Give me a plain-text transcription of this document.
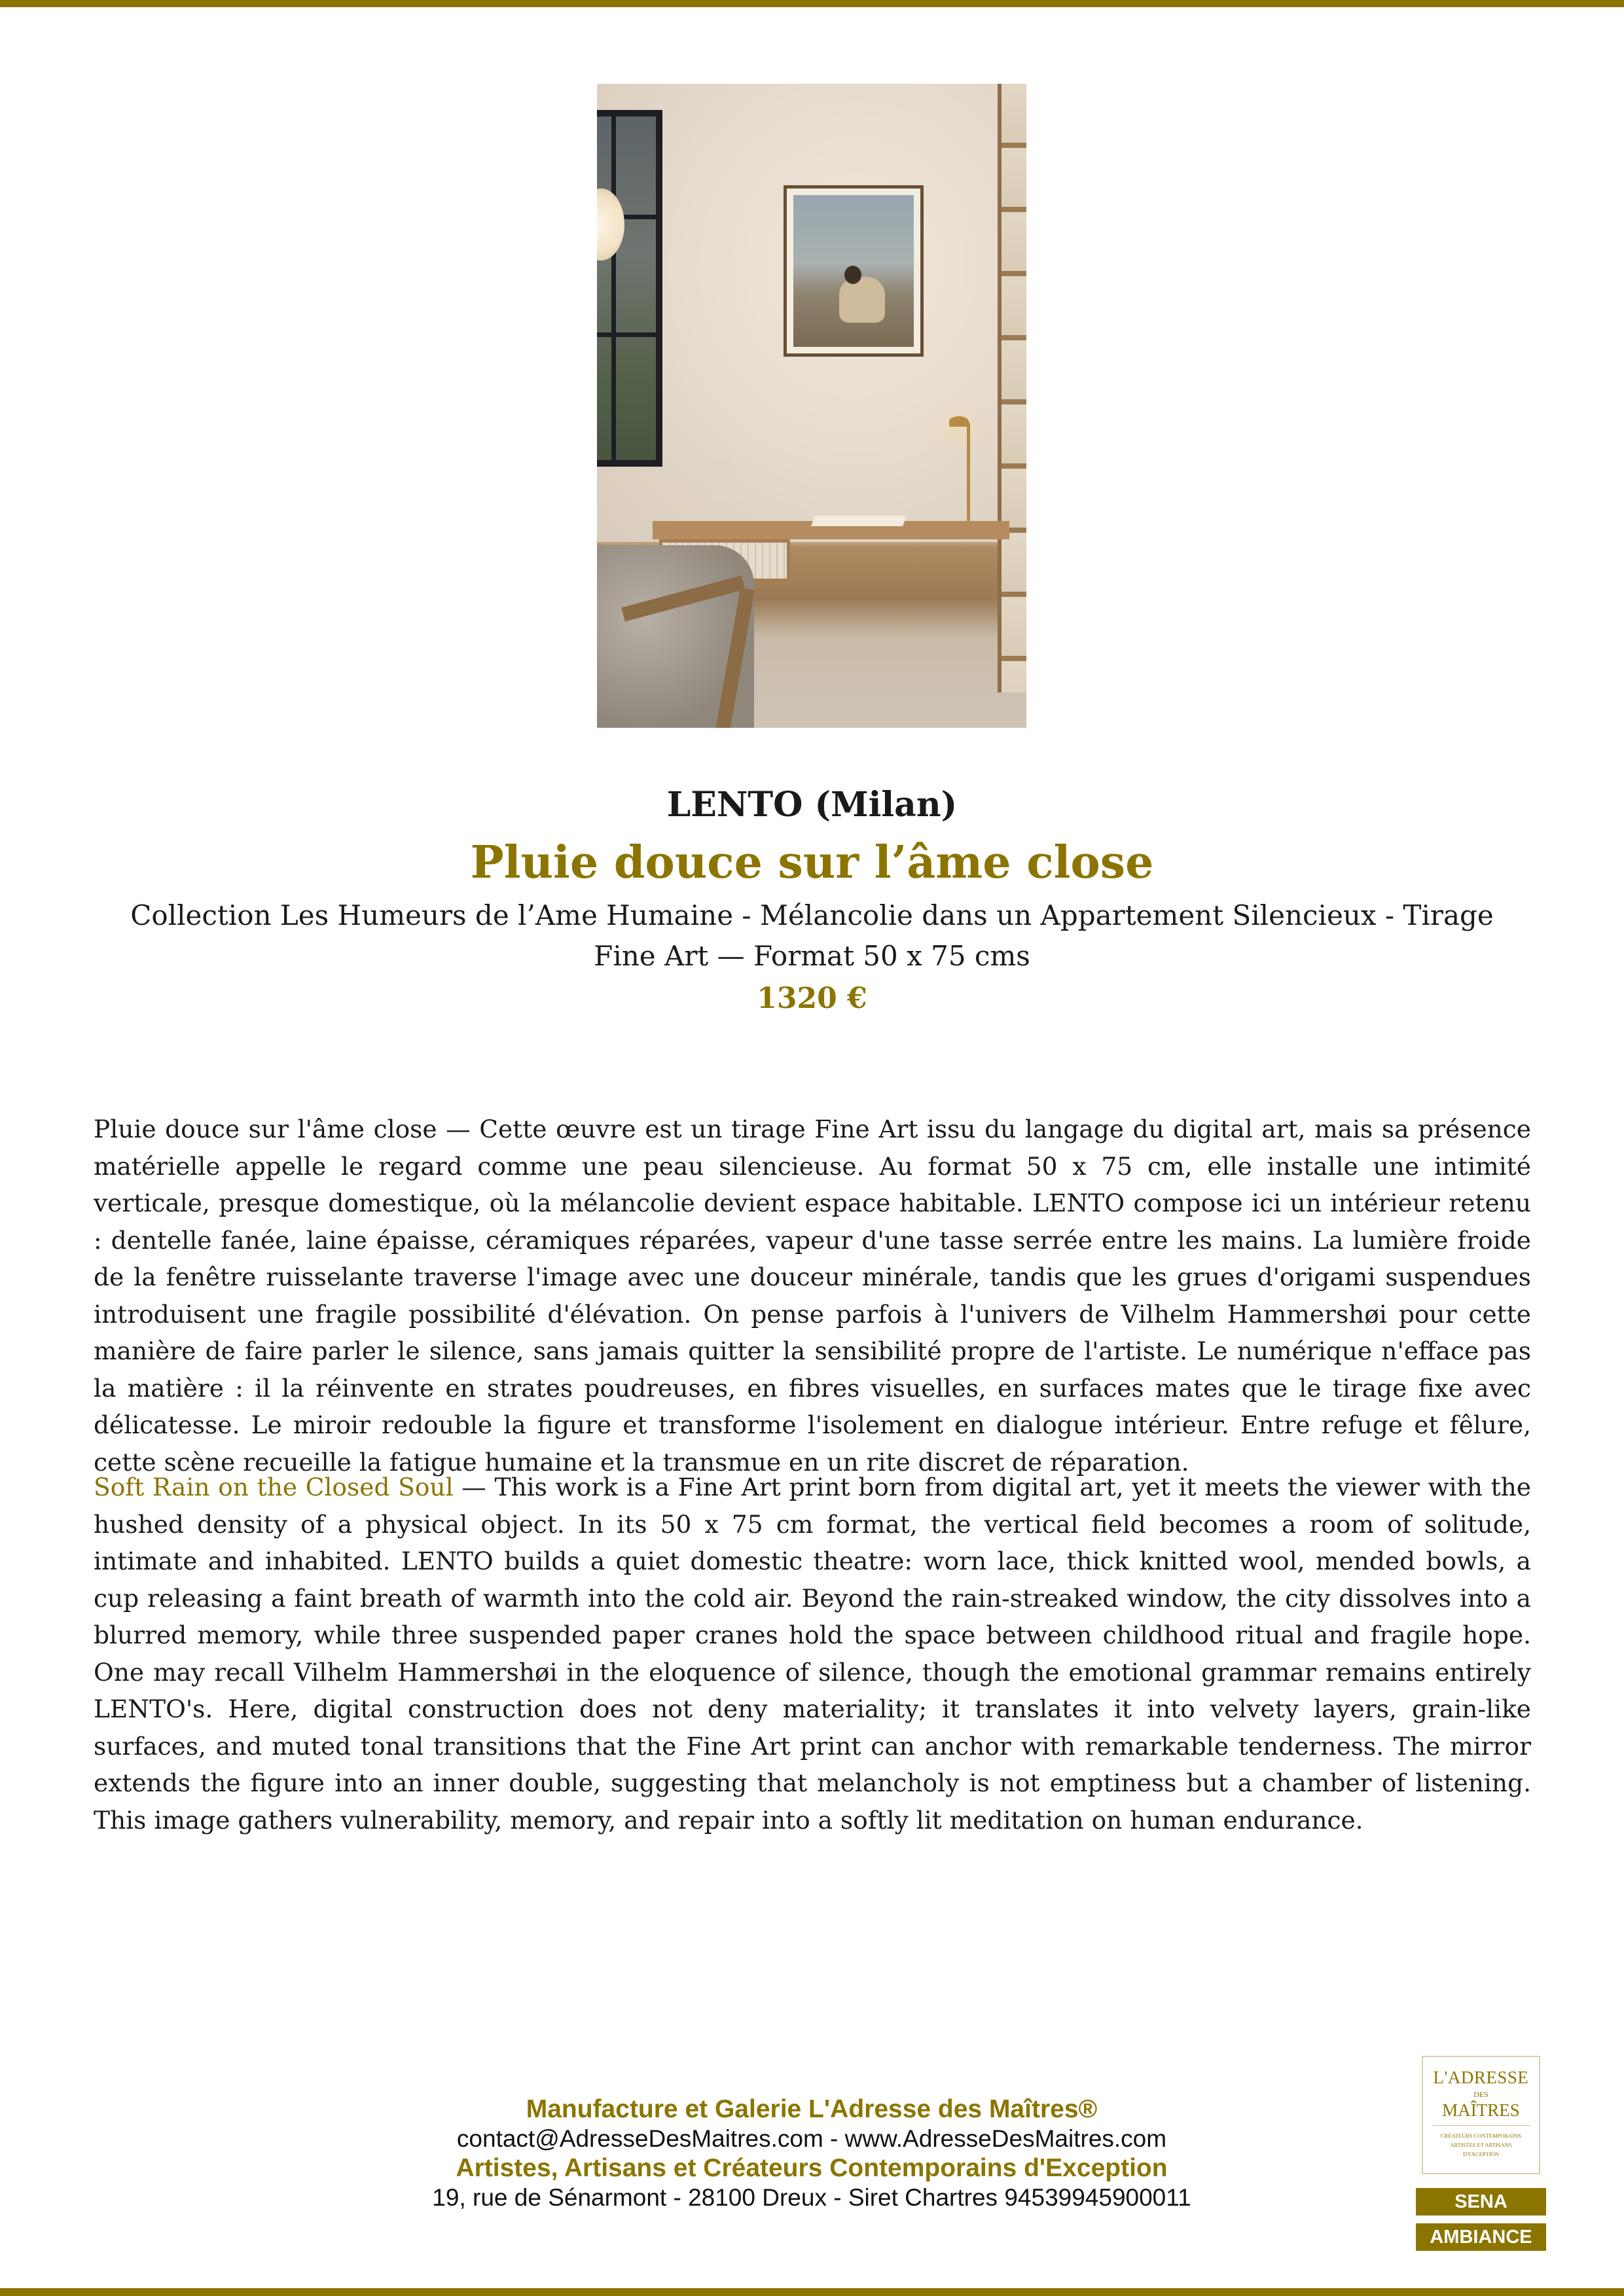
LENTO (Milan)
Pluie douce sur l’âme close
Collection Les Humeurs de l’Ame Humaine - Mélancolie dans un Appartement Silencieux - Tirage Fine Art — Format 50 x 75 cms
1320 €
Pluie douce sur l'âme close — Cette œuvre est un tirage Fine Art issu du langage du digital art, mais sa présence matérielle appelle le regard comme une peau silencieuse. Au format 50 x 75 cm, elle installe une intimité verticale, presque domestique, où la mélancolie devient espace habitable. LENTO compose ici un intérieur retenu : dentelle fanée, laine épaisse, céramiques réparées, vapeur d'une tasse serrée entre les mains. La lumière froide de la fenêtre ruisselante traverse l'image avec une douceur minérale, tandis que les grues d'origami suspendues introduisent une fragile possibilité d'élévation. On pense parfois à l'univers de Vilhelm Hammershøi pour cette manière de faire parler le silence, sans jamais quitter la sensibilité propre de l'artiste. Le numérique n'efface pas la matière : il la réinvente en strates poudreuses, en fibres visuelles, en surfaces mates que le tirage fixe avec délicatesse. Le miroir redouble la figure et transforme l'isolement en dialogue intérieur. Entre refuge et fêlure, cette scène recueille la fatigue humaine et la transmue en un rite discret de réparation.
Soft Rain on the Closed Soul — This work is a Fine Art print born from digital art, yet it meets the viewer with the hushed density of a physical object. In its 50 x 75 cm format, the vertical field becomes a room of solitude, intimate and inhabited. LENTO builds a quiet domestic theatre: worn lace, thick knitted wool, mended bowls, a cup releasing a faint breath of warmth into the cold air. Beyond the rain-streaked window, the city dissolves into a blurred memory, while three suspended paper cranes hold the space between childhood ritual and fragile hope. One may recall Vilhelm Hammershøi in the eloquence of silence, though the emotional grammar remains entirely LENTO's. Here, digital construction does not deny materiality; it translates it into velvety layers, grain-like surfaces, and muted tonal transitions that the Fine Art print can anchor with remarkable tenderness. The mirror extends the figure into an inner double, suggesting that melancholy is not emptiness but a chamber of listening. This image gathers vulnerability, memory, and repair into a softly lit meditation on human endurance.
Manufacture et Galerie L'Adresse des Maîtres®
contact@AdresseDesMaitres.com - www.AdresseDesMaitres.com
Artistes, Artisans et Créateurs Contemporains d'Exception
19, rue de Sénarmont - 28100 Dreux - Siret Chartres 94539945900011
L'ADRESSE
DES
MAÎTRES
CRÉATEURS CONTEMPORAINS
ARTISTES ET ARTISANS
D'EXCEPTION
SENA
AMBIANCE
